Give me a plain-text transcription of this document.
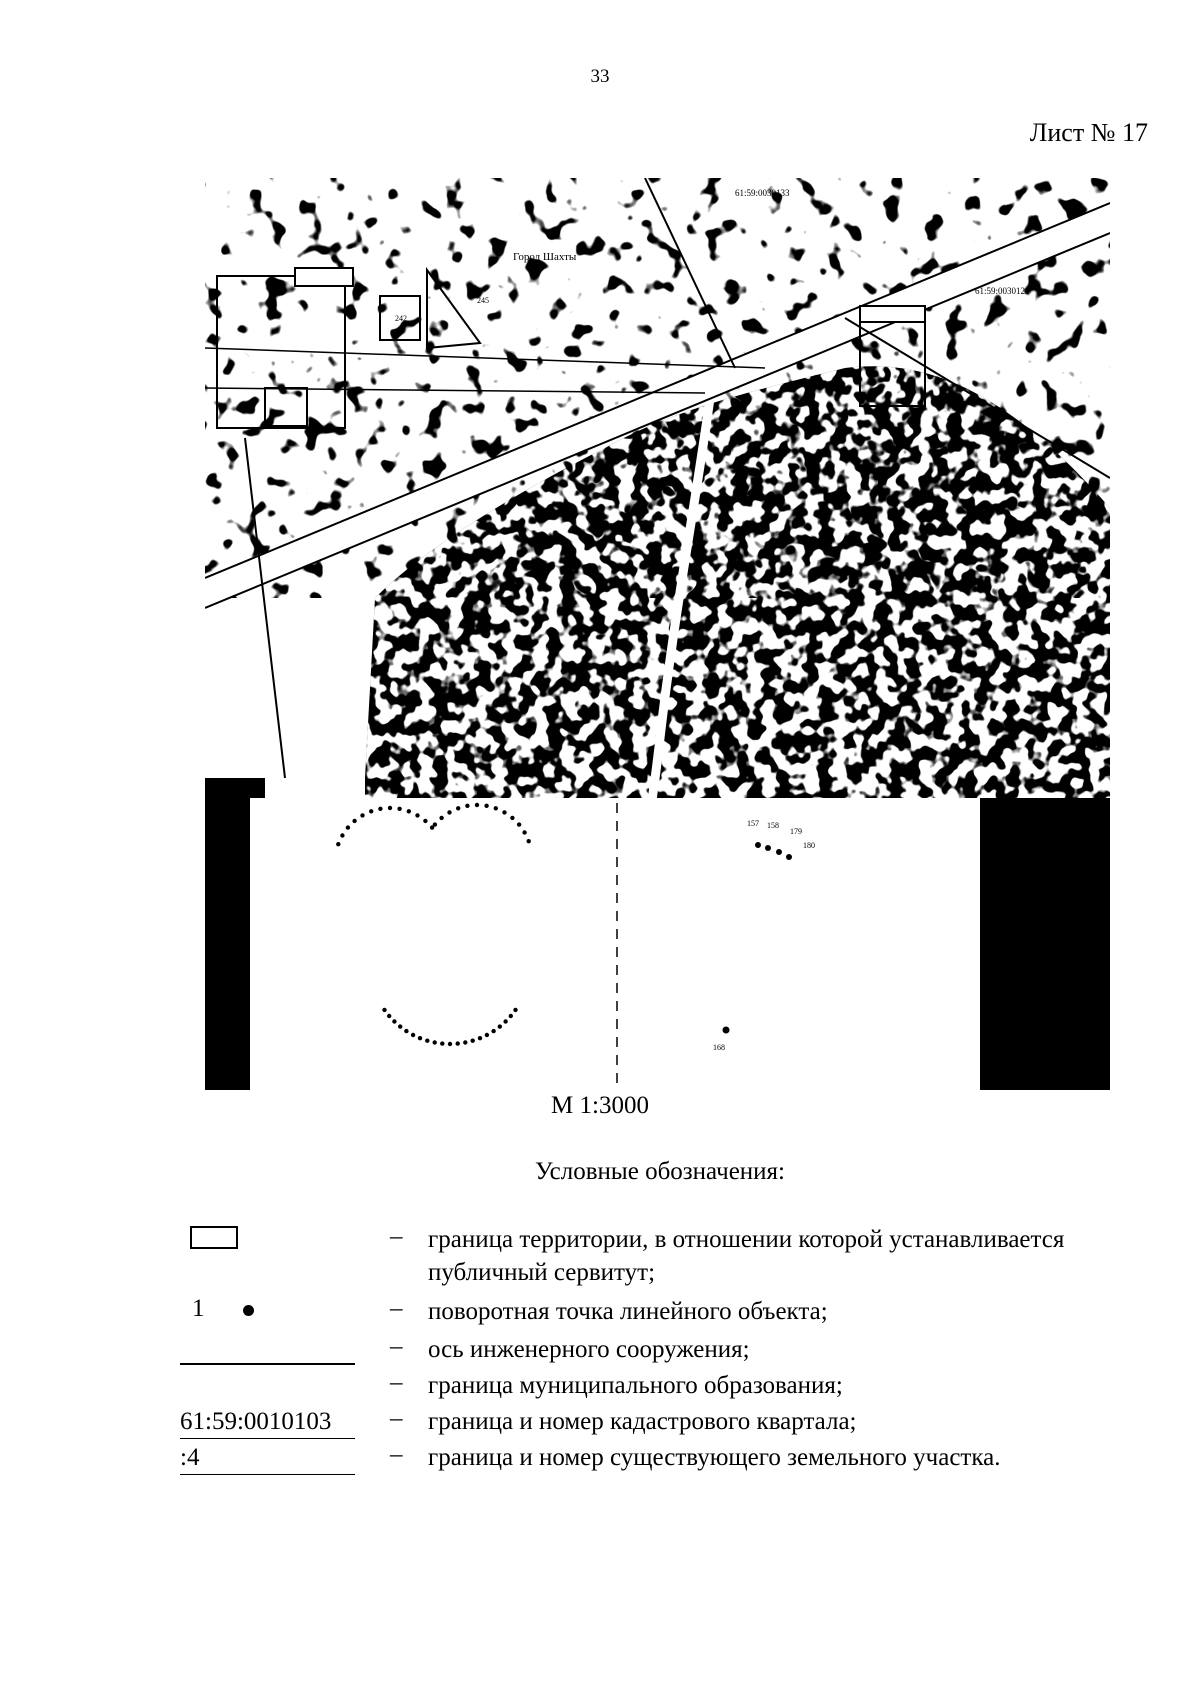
33
Лист № 17
61:59:0030133
Город Шахты
61:59:0030121
245
242
157 158
179
180
168
М 1:3000
Условные обозначения:
– граница территории, в отношении которой устанавливается публичный сервитут;
1	– поворотная точка линейного объекта;
– ось инженерного сооружения;
– граница муниципального образования;
61:59:0010103	– граница и номер кадастрового квартала;
:4	– граница и номер существующего земельного участка.
